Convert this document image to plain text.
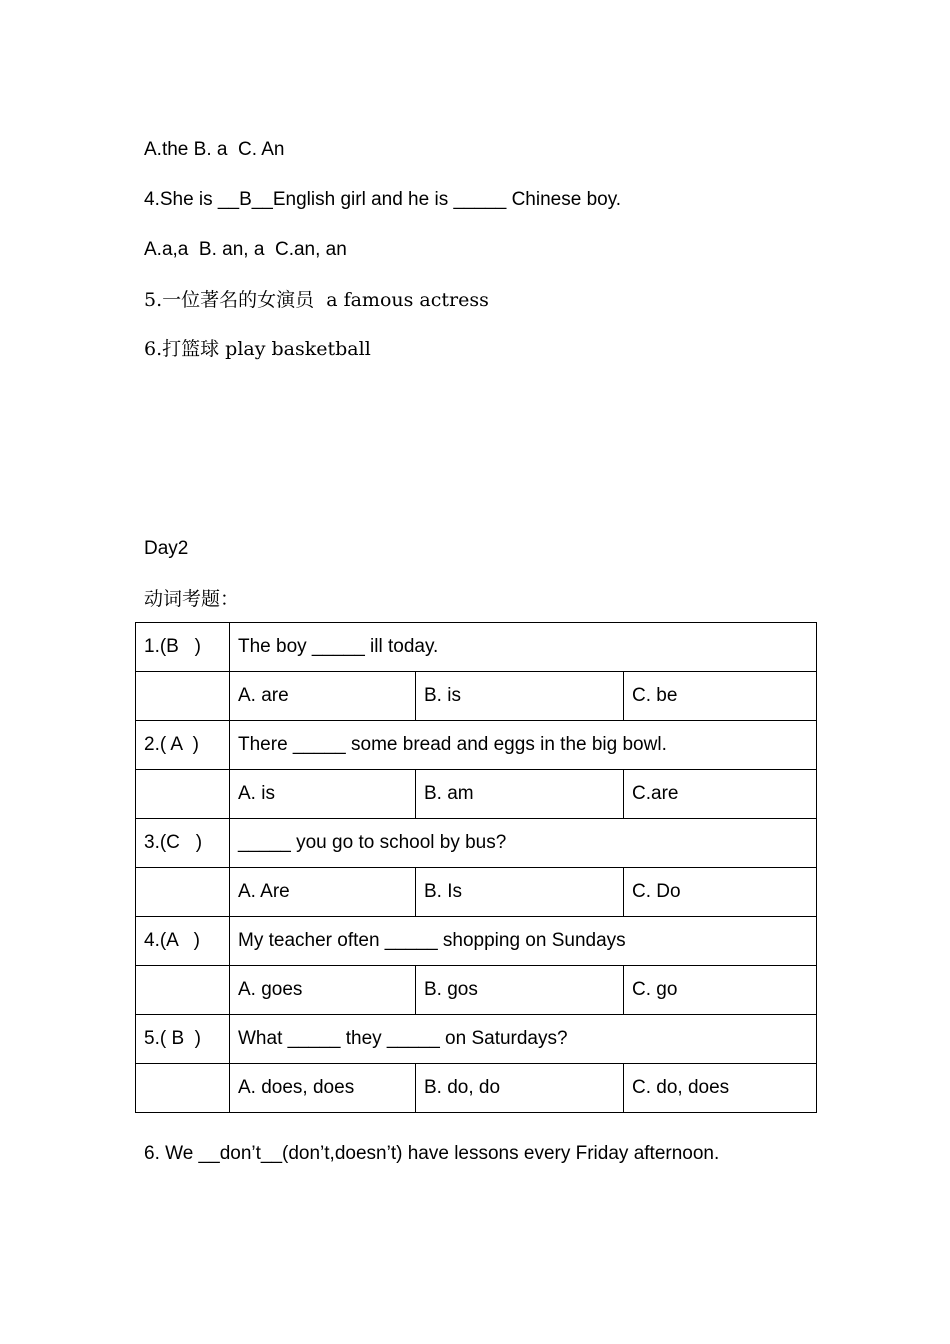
A.the B. a  C. An
4.She is __B__English girl and he is _____ Chinese boy.
A.a,a  B. an, a  C.an, an
5.一位著名的女演员  a famous actress
6.打篮球 play basketball
Day2
动词考题：
1.(B   )	The boy _____ ill today.		
	A. are	B. is	C. be
2.( A  )	There _____ some bread and eggs in the big bowl.		
	A. is	B. am	C.are
3.(C   )	_____ you go to school by bus?		
	A. Are	B. Is	C. Do
4.(A   )	My teacher often _____ shopping on Sundays		
	A. goes	B. gos	C. go
5.( B  )	What _____ they _____ on Saturdays?		
	A. does, does	B. do, do	C. do, does
6. We __don’t__(don’t,doesn’t) have lessons every Friday afternoon.
